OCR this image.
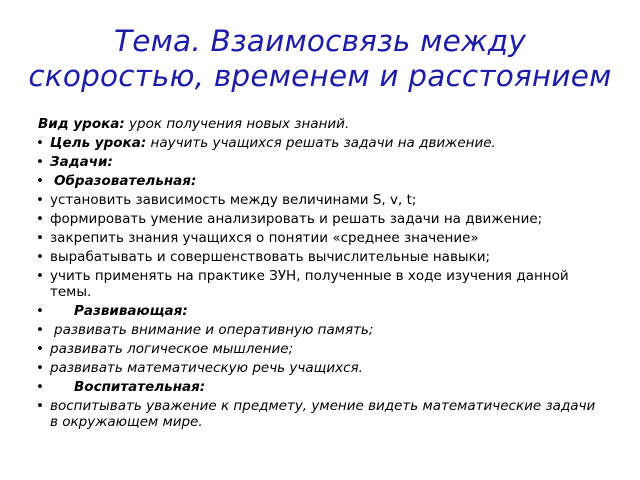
Тема. Взаимосвязь между
скоростью, временем и расстоянием
Вид урока: урок получения новых знаний.
• Цель урока: научить учащихся решать задачи на движение.
• Задачи:
• Образовательная:
• установить зависимость между величинами S, v, t;
• формировать умение анализировать и решать задачи на движение;
• закрепить знания учащихся о понятии «среднее значение»
• вырабатывать и совершенствовать вычислительные навыки;
• учить применять на практике ЗУН, полученные в ходе изучения данной темы.
•	Развивающая:
• развивать внимание и оперативную память;
• развивать логическое мышление;
• развивать математическую речь учащихся.
•	Воспитательная:
• воспитывать уважение к предмету, умение видеть математические задачи в окружающем мире.
